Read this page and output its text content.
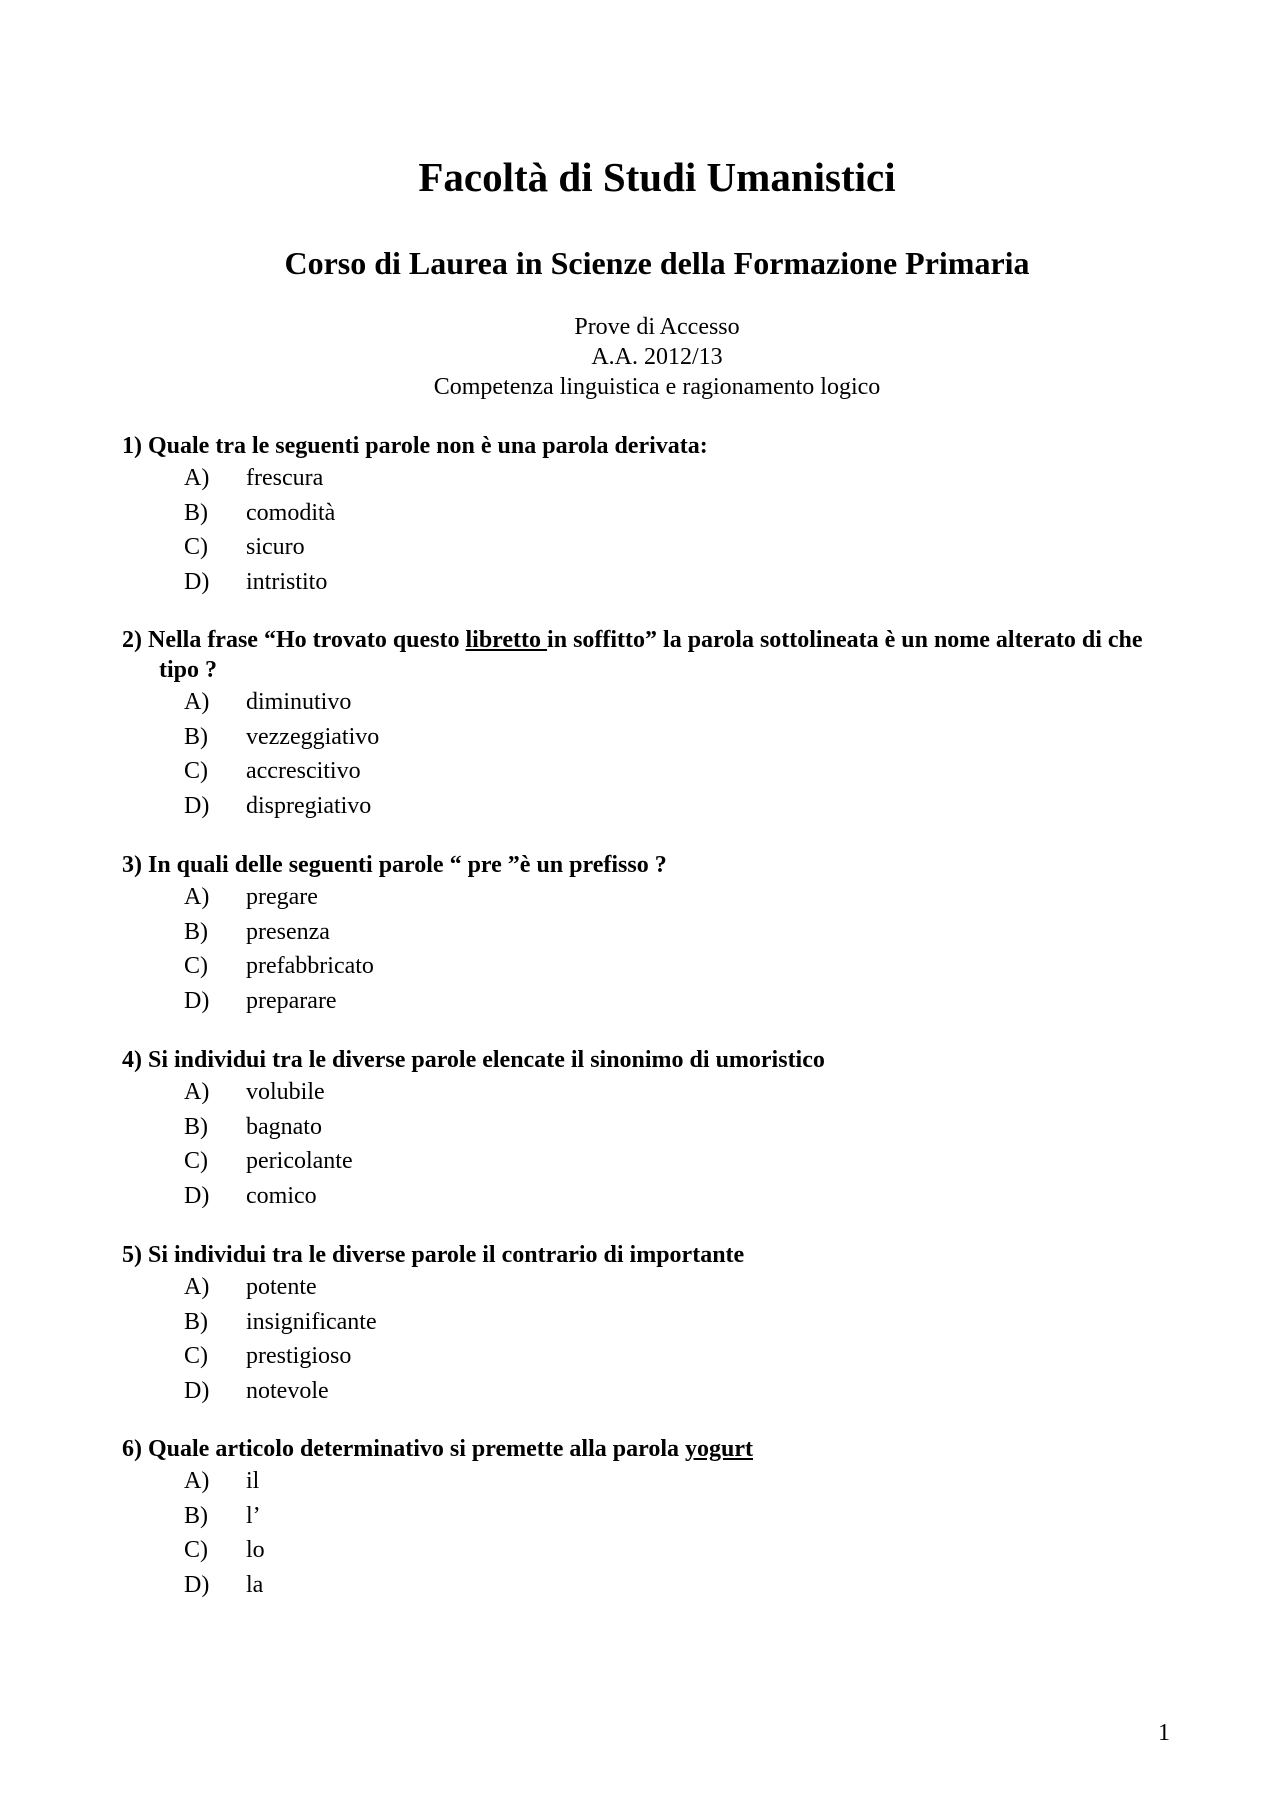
Facoltà di Studi Umanistici
Corso di Laurea in Scienze della Formazione Primaria
Prove di Accesso
A.A. 2012/13
Competenza linguistica e ragionamento logico

1) Quale tra le seguenti parole non è una parola derivata:

A)	frescura
B)	comodità
C)	sicuro
D)	intristito

2) Nella frase “Ho trovato questo libretto in soffitto” la parola sottolineata è un nome alterato di che tipo ?

A)	diminutivo
B)	vezzeggiativo
C)	accrescitivo
D)	dispregiativo

3) In quali delle seguenti parole “ pre ”è un prefisso ?

A)	pregare
B)	presenza
C)	prefabbricato
D)	preparare

4) Si individui tra le diverse parole elencate il sinonimo di umoristico

A)	volubile
B)	bagnato
C)	pericolante
D)	comico

5) Si individui tra le diverse parole il contrario di importante

A)	potente
B)	insignificante
C)	prestigioso
D)	notevole

6) Quale articolo determinativo si premette alla parola yogurt

A)	il
B)	l’
C)	lo
D)	la
1
